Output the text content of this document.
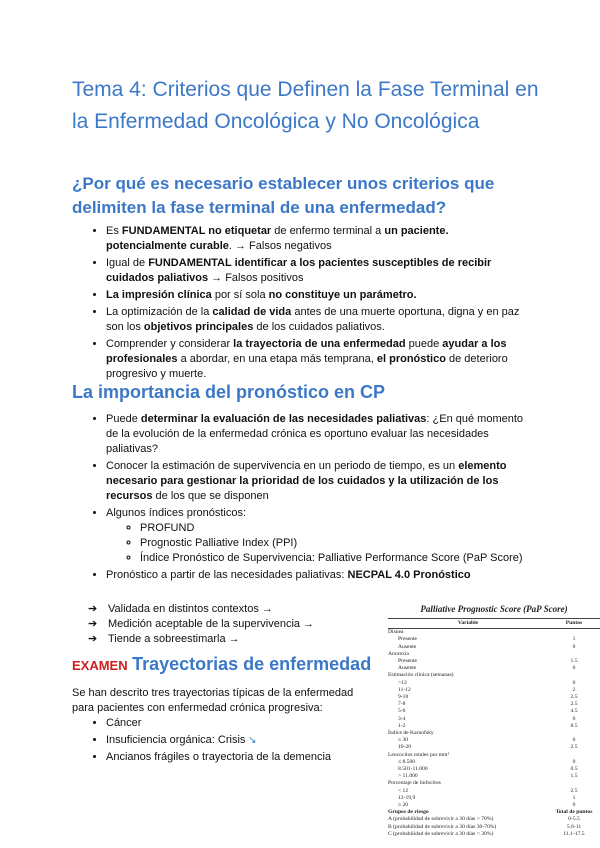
Tema 4: Criterios que Definen la Fase Terminal en la Enfermedad Oncológica y No Oncológica
¿Por qué es necesario establecer unos criterios que delimiten la fase terminal de una enfermedad?
• Es FUNDAMENTAL no etiquetar de enfermo terminal a un paciente. potencialmente curable. → Falsos negativos
• Igual de FUNDAMENTAL identificar a los pacientes susceptibles de recibir cuidados paliativos → Falsos positivos
• La impresión clínica por sí sola no constituye un parámetro.
• La optimización de la calidad de vida antes de una muerte oportuna, digna y en paz son los objetivos principales de los cuidados paliativos.
• Comprender y considerar la trayectoria de una enfermedad puede ayudar a los profesionales a abordar, en una etapa más temprana, el pronóstico de deterioro progresivo y muerte.
La importancia del pronóstico en CP
• Puede determinar la evaluación de las necesidades paliativas: ¿En qué momento de la evolución de la enfermedad crónica es oportuno evaluar las necesidades paliativas?
• Conocer la estimación de supervivencia en un periodo de tiempo, es un elemento necesario para gestionar la prioridad de los cuidados y la utilización de los recursos de los que se disponen
• Algunos índices pronósticos:
◦ PROFUND
◦ Prognostic Palliative Index (PPI)
◦ Índice Pronóstico de Supervivencia: Palliative Performance Score (PaP Score)
• Pronóstico a partir de las necesidades paliativas: NECPAL 4.0 Pronóstico
➔ Validada en distintos contextos →
➔ Medición aceptable de la supervivencia →
➔ Tiende a sobreestimarla →
EXAMEN Trayectorias de enfermedad

Se han descrito tres trayectorias típicas de la enfermedad para pacientes con enfermedad crónica progresiva:

• Cáncer
• Insuficiencia orgánica: Crisis ↘
• Ancianos frágiles o trayectoria de la demencia
Palliative Prognostic Score (PaP Score)
Variable	Puntos
Disnea	
Presente	1
Ausente	0
Anorexia	
Presente	1.5
Ausente	0
Estimación clínica (semanas)	
>12	0
11-12	2
9-10	2.5
7-8	2.5
5-6	4.5
3-4	6
1-2	8.5
Índice de Karnofsky	
≥ 30	0
10-20	2.5
Leucocitos totales por mm³	
≤ 8.500	0
8.501-11.000	0.5
> 11.000	1.5
Porcentaje de linfocitos	
< 12	2.5
12-19,9	1
≥ 20	0
Grupos de riesgo	Total de puntos
A (probabilidad de sobrevivir a 30 días > 70%)	0-5.5
B (probabilidad de sobrevivir a 30 días 30-70%)	5.6-11
C (probabilidad de sobrevivir a 30 días < 30%)	11.1-17.5
